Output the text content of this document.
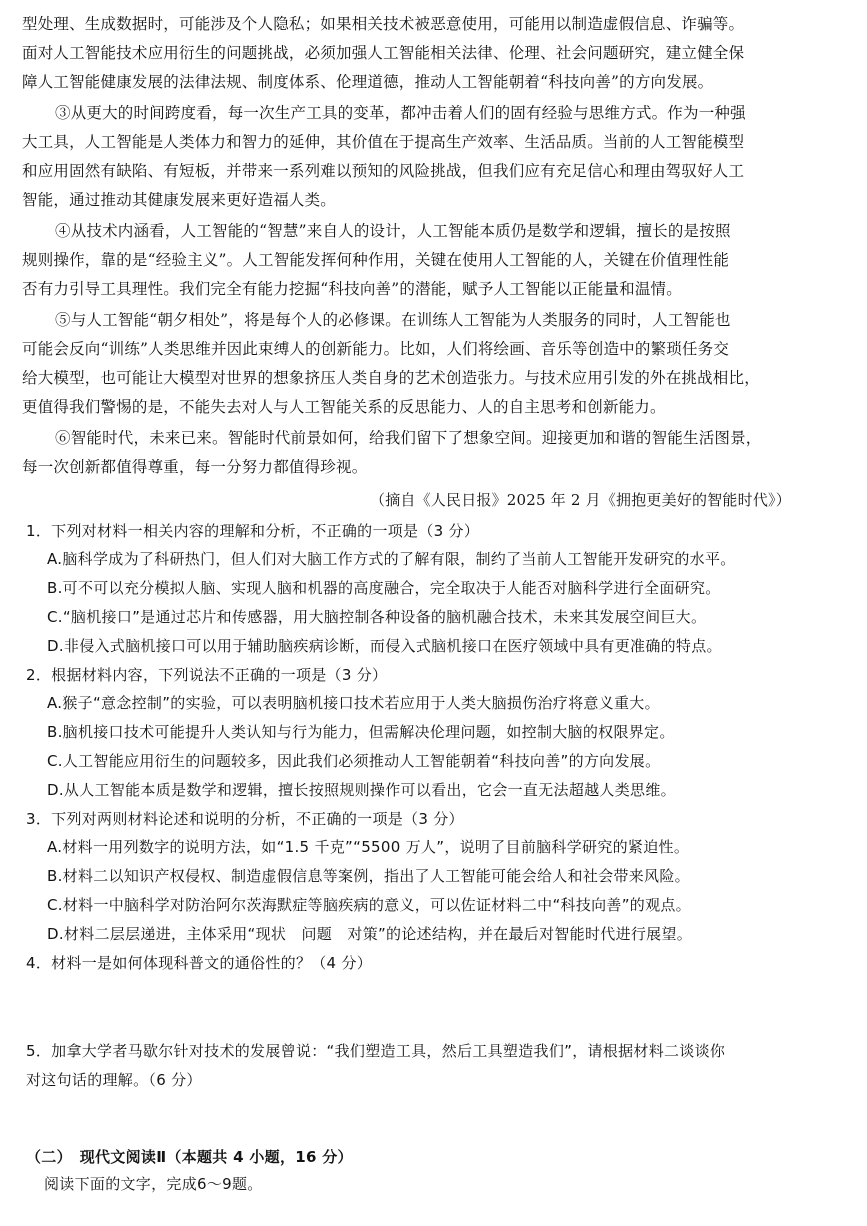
型处理、生成数据时，可能涉及个人隐私；如果相关技术被恶意使用，可能用以制造虚假信息、诈骗等。
面对人工智能技术应用衍生的问题挑战，必须加强人工智能相关法律、伦理、社会问题研究，建立健全保
障人工智能健康发展的法律法规、制度体系、伦理道德，推动人工智能朝着“科技向善”的方向发展。
③从更大的时间跨度看，每一次生产工具的变革，都冲击着人们的固有经验与思维方式。作为一种强
大工具，人工智能是人类体力和智力的延伸，其价值在于提高生产效率、生活品质。当前的人工智能模型
和应用固然有缺陷、有短板，并带来一系列难以预知的风险挑战，但我们应有充足信心和理由驾驭好人工
智能，通过推动其健康发展来更好造福人类。
④从技术内涵看，人工智能的“智慧”来自人的设计，人工智能本质仍是数学和逻辑，擅长的是按照
规则操作，靠的是“经验主义”。人工智能发挥何种作用，关键在使用人工智能的人，关键在价值理性能
否有力引导工具理性。我们完全有能力挖掘“科技向善”的潜能，赋予人工智能以正能量和温情。
⑤与人工智能“朝夕相处”，将是每个人的必修课。在训练人工智能为人类服务的同时，人工智能也
可能会反向“训练”人类思维并因此束缚人的创新能力。比如，人们将绘画、音乐等创造中的繁琐任务交
给大模型，也可能让大模型对世界的想象挤压人类自身的艺术创造张力。与技术应用引发的外在挑战相比，
更值得我们警惕的是，不能失去对人与人工智能关系的反思能力、人的自主思考和创新能力。
⑥智能时代，未来已来。智能时代前景如何，给我们留下了想象空间。迎接更加和谐的智能生活图景，
每一次创新都值得尊重，每一分努力都值得珍视。
（摘自《人民日报》2025 年 2 月《拥抱更美好的智能时代》）
1．下列对材料一相关内容的理解和分析，不正确的一项是（3 分）
A.脑科学成为了科研热门，但人们对大脑工作方式的了解有限，制约了当前人工智能开发研究的水平。
B.可不可以充分模拟人脑、实现人脑和机器的高度融合，完全取决于人能否对脑科学进行全面研究。
C.“脑机接口”是通过芯片和传感器，用大脑控制各种设备的脑机融合技术，未来其发展空间巨大。
D.非侵入式脑机接口可以用于辅助脑疾病诊断，而侵入式脑机接口在医疗领域中具有更准确的特点。
2．根据材料内容，下列说法不正确的一项是（3 分）
A.猴子“意念控制”的实验，可以表明脑机接口技术若应用于人类大脑损伤治疗将意义重大。
B.脑机接口技术可能提升人类认知与行为能力，但需解决伦理问题，如控制大脑的权限界定。
C.人工智能应用衍生的问题较多，因此我们必须推动人工智能朝着“科技向善”的方向发展。
D.从人工智能本质是数学和逻辑，擅长按照规则操作可以看出，它会一直无法超越人类思维。
3．下列对两则材料论述和说明的分析，不正确的一项是（3 分）
A.材料一用列数字的说明方法，如“1.5 千克”“5500 万人”，说明了目前脑科学研究的紧迫性。
B.材料二以知识产权侵权、制造虚假信息等案例，指出了人工智能可能会给人和社会带来风险。
C.材料一中脑科学对防治阿尔茨海默症等脑疾病的意义，可以佐证材料二中“科技向善”的观点。
D.材料二层层递进，主体采用“现状　问题　对策”的论述结构，并在最后对智能时代进行展望。
4．材料一是如何体现科普文的通俗性的？（4 分）
5．加拿大学者马歇尔针对技术的发展曾说：“我们塑造工具，然后工具塑造我们”，请根据材料二谈谈你
对这句话的理解。（6 分）
（二）　现代文阅读Ⅱ（本题共 4 小题，16 分）
阅读下面的文字，完成6～9题。
